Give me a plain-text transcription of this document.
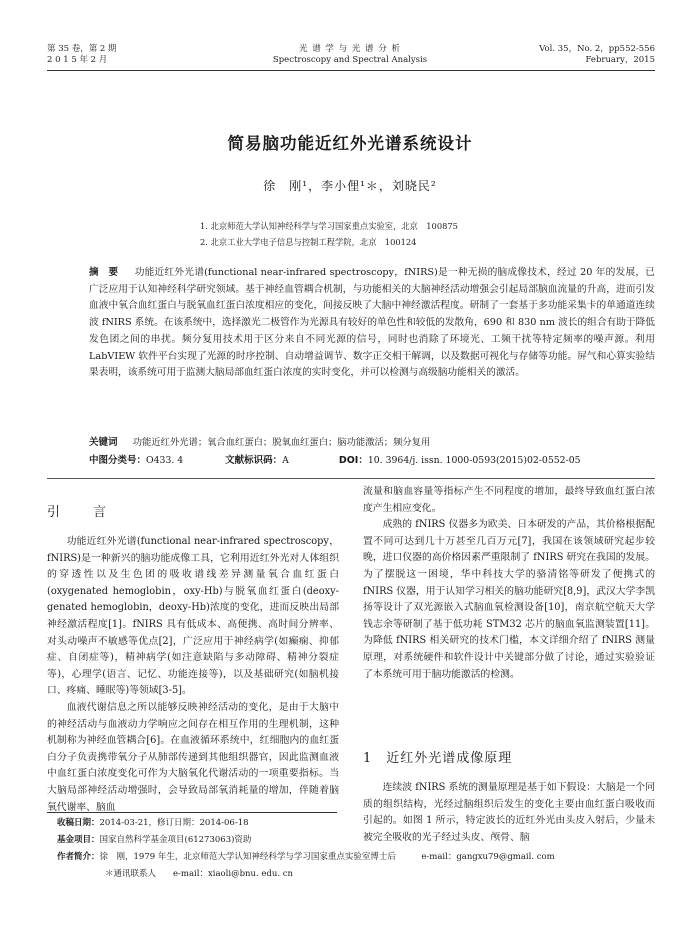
第 35 卷，第 2 期
2 0 1 5 年 2 月
光 谱 学 与 光 谱 分 析
Spectroscopy and Spectral Analysis
Vol. 35，No. 2，pp552-556
February，2015
简易脑功能近红外光谱系统设计
徐　刚¹，李小俚¹＊，刘晓民²
1. 北京师范大学认知神经科学与学习国家重点实验室，北京　100875
2. 北京工业大学电子信息与控制工程学院，北京　100124
摘　要 　 功能近红外光谱(functional near-infrared spectroscopy，fNIRS)是一种无损的脑成像技术，经过 20 年的发展，已广泛应用于认知神经科学研究领域。基于神经血管耦合机制，与功能相关的大脑神经活动增强会引起局部脑血流量的升高，进而引发血液中氧合血红蛋白与脱氧血红蛋白浓度相应的变化，间接反映了大脑中神经激活程度。研制了一套基于多功能采集卡的单通道连续波 fNIRS 系统。在该系统中，选择激光二极管作为光源具有较好的单色性和较低的发散角，690 和 830 nm 波长的组合有助于降低发色团之间的串扰。频分复用技术用于区分来自不同光源的信号，同时也消除了环境光、工频干扰等特定频率的噪声源。利用 LabVIEW 软件平台实现了光源的时序控制、自动增益调节、数字正交相干解调，以及数据可视化与存储等功能。屏气和心算实验结果表明，该系统可用于监测大脑局部血红蛋白浓度的实时变化，并可以检测与高级脑功能相关的激活。
关键词 　 功能近红外光谱；氧合血红蛋白；脱氧血红蛋白；脑功能激活；频分复用
中图分类号：O433. 4	文献标识码：A	DOI：10. 3964/j. issn. 1000-0593(2015)02-0552-05
引　言

功能近红外光谱(functional near-infrared spectroscopy，fNIRS)是一种新兴的脑功能成像工具，它利用近红外光对人体组织的穿透性以及生色团的吸收谱线差异测量氧合血红蛋白(oxygenated hemoglobin，oxy-Hb)与脱氧血红蛋白(deoxy-genated hemoglobin，deoxy-Hb)浓度的变化，进而反映出局部神经激活程度[1]。fNIRS 具有低成本、高便携、高时间分辨率、对头动噪声不敏感等优点[2]，广泛应用于神经病学(如癫痫、抑郁症、自闭症等)，精神病学(如注意缺陷与多动障碍、精神分裂症等)，心理学(语言、记忆、功能连接等)，以及基础研究(如脑机接口、疼痛、睡眠等)等领域[3-5]。

血液代谢信息之所以能够反映神经活动的变化，是由于大脑中的神经活动与血液动力学响应之间存在相互作用的生理机制，这种机制称为神经血管耦合[6]。在血液循环系统中，红细胞内的血红蛋白分子负责携带氧分子从肺部传递到其他组织器官，因此监测血液中血红蛋白浓度变化可作为大脑氧化代谢活动的一项重要指标。当大脑局部神经活动增强时，会导致局部氧消耗量的增加，伴随着脑氧代谢率、脑血

流量和脑血容量等指标产生不同程度的增加，最终导致血红蛋白浓度产生相应变化。

成熟的 fNIRS 仪器多为欧美、日本研发的产品，其价格根据配置不同可达到几十万甚至几百万元[7]，我国在该领域研究起步较晚，进口仪器的高价格因素严重限制了 fNIRS 研究在我国的发展。为了摆脱这一困境，华中科技大学的骆清铭等研发了便携式的 fNIRS 仪器，用于认知学习相关的脑功能研究[8,9]，武汉大学李凯扬等设计了双光源嵌入式脑血氧检测设备[10]，南京航空航天大学钱志余等研制了基于低功耗 STM32 芯片的脑血氧监测装置[11]。为降低 fNIRS 相关研究的技术门槛，本文详细介绍了 fNIRS 测量原理，对系统硬件和软件设计中关键部分做了讨论，通过实验验证了本系统可用于脑功能激活的检测。

1　近红外光谱成像原理

连续波 fNIRS 系统的测量原理是基于如下假设：大脑是一个同质的组织结构，光经过脑组织后发生的变化主要由血红蛋白吸收而引起的。如图 1 所示，特定波长的近红外光由头皮入射后，少量未被完全吸收的光子经过头皮、颅骨、脑

收稿日期：2014-03-21，修订日期：2014-06-18
基金项目：国家自然科学基金项目(61273063)资助
作者简介：徐　刚，1979 年生，北京师范大学认知神经科学与学习国家重点实验室博士后　　　e-mail：gangxu79@gmail. com
＊通讯联系人　　e-mail：xiaoli@bnu. edu. cn
